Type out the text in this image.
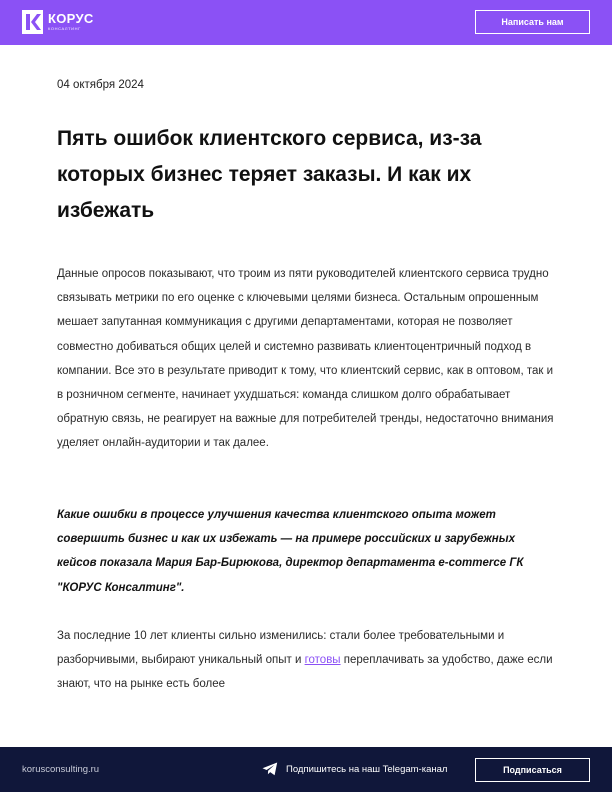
КОРУС
КОНСАЛТИНГ
Написать нам
04 октября 2024
Пять ошибок клиентского сервиса, из-за которых бизнес теряет заказы. И как их избежать

Данные опросов показывают, что троим из пяти руководителей клиентского сервиса трудно связывать метрики по его оценке с ключевыми целями бизнеса. Остальным опрошенным мешает запутанная коммуникация с другими департаментами, которая не позволяет совместно добиваться общих целей и системно развивать клиентоцентричный подход в компании. Все это в результате приводит к тому, что клиентский сервис, как в оптовом, так и в розничном сегменте, начинает ухудшаться: команда слишком долго обрабатывает обратную связь, не реагирует на важные для потребителей тренды, недостаточно внимания уделяет онлайн-аудитории и так далее.

Какие ошибки в процессе улучшения качества клиентского опыта может совершить бизнес и как их избежать — на примере российских и зарубежных кейсов показала Мария Бар-Бирюкова, директор департамента e-commerce ГК "КОРУС Консалтинг".

За последние 10 лет клиенты сильно изменились: стали более требовательными и разборчивыми, выбирают уникальный опыт и готовы переплачивать за удобство, даже если знают, что на рынке есть более

korusconsulting.ru	Подпишитесь на наш Telegam-канал	Подписаться
